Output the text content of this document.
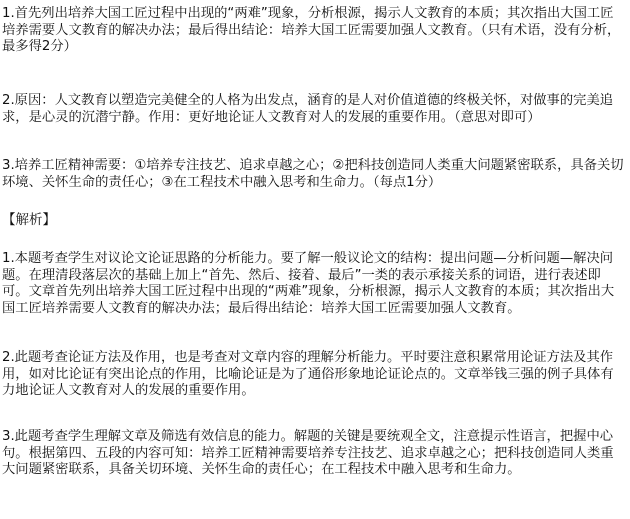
1.首先列出培养大国工匠过程中出现的“两难”现象，分析根源，揭示人文教育的本质；其次指出大国工匠培养需要人文教育的解决办法；最后得出结论：培养大国工匠需要加强人文教育。（只有术语，没有分析，最多得2分）
2.原因：人文教育以塑造完美健全的人格为出发点，涵育的是人对价值道德的终极关怀，对做事的完美追求，是心灵的沉潜宁静。作用：更好地论证人文教育对人的发展的重要作用。（意思对即可）
3.培养工匠精神需要：①培养专注技艺、追求卓越之心；②把科技创造同人类重大问题紧密联系，具备关切环境、关怀生命的责任心；③在工程技术中融入思考和生命力。（每点1分）
【解析】
1.本题考查学生对议论文论证思路的分析能力。要了解一般议论文的结构：提出问题—分析问题—解决问题。在理清段落层次的基础上加上“首先、然后、接着、最后”一类的表示承接关系的词语，进行表述即可。文章首先列出培养大国工匠过程中出现的“两难”现象，分析根源，揭示人文教育的本质；其次指出大国工匠培养需要人文教育的解决办法；最后得出结论：培养大国工匠需要加强人文教育。
2.此题考查论证方法及作用，也是考查对文章内容的理解分析能力。平时要注意积累常用论证方法及其作用，如对比论证有突出论点的作用，比喻论证是为了通俗形象地论证论点的。文章举钱三强的例子具体有力地论证人文教育对人的发展的重要作用。
3.此题考查学生理解文章及筛选有效信息的能力。解题的关键是要统观全文，注意提示性语言，把握中心句。根据第四、五段的内容可知：培养工匠精神需要培养专注技艺、追求卓越之心；把科技创造同人类重大问题紧密联系，具备关切环境、关怀生命的责任心；在工程技术中融入思考和生命力。
